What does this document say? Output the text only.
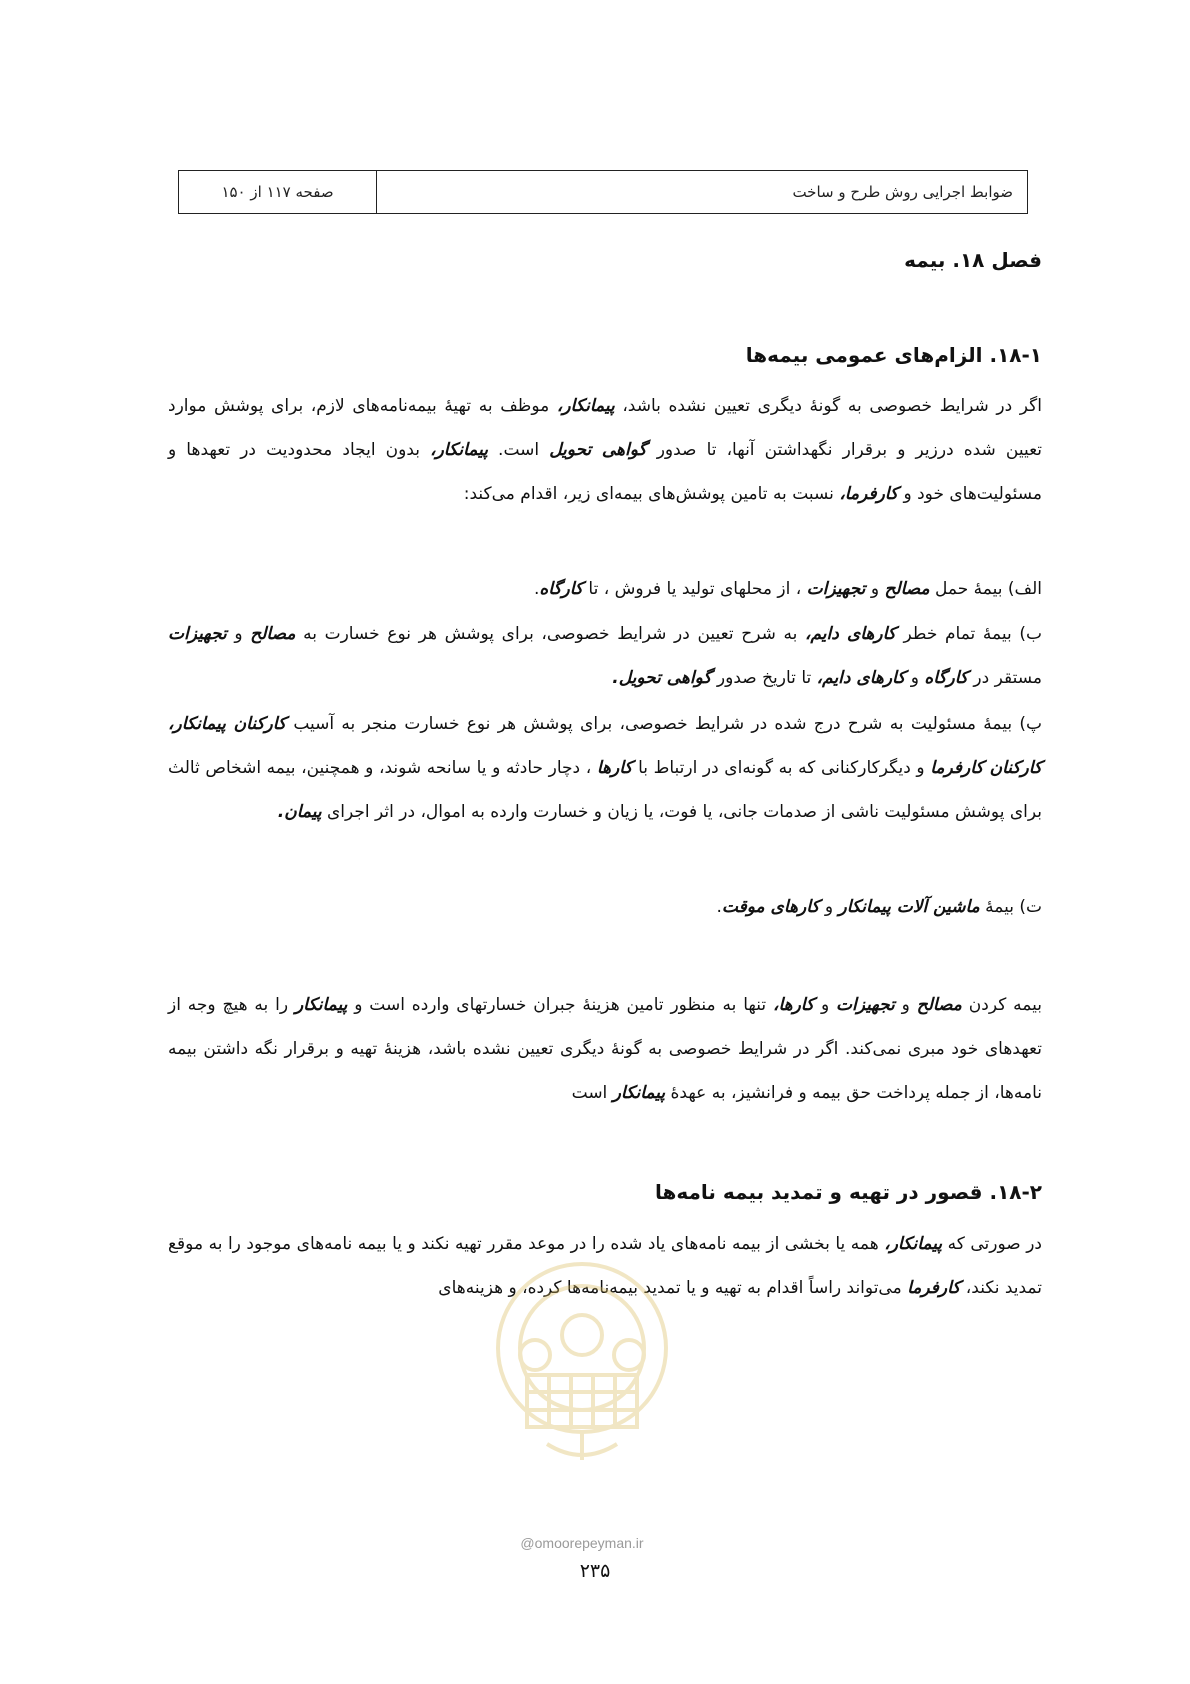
صفحه ۱۱۷ از ۱۵۰	ضوابط اجرایی روش طرح و ساخت
فصل ۱۸. بیمه
۱۸-۱. الزام‌های عمومی بیمه‌ها
اگر در شرایط خصوصی به گونهٔ دیگری تعیین نشده باشد، پیمانکار، موظف به تهیهٔ بیمه‌نامه‌های لازم، برای پوشش موارد تعیین شده درزیر و برقرار نگهداشتن آنها، تا صدور گواهی تحویل است. پیمانکار، بدون ایجاد محدودیت در تعهدها و مسئولیت‌های خود و کارفرما، نسبت به تامین پوشش‌های بیمه‌ای زیر، اقدام می‌کند:
الف) بیمهٔ حمل مصالح و تجهیزات ، از محلهای تولید یا فروش ، تا کارگاه.
ب) بیمهٔ تمام خطر کارهای دایم، به شرح تعیین در شرایط خصوصی، برای پوشش هر نوع خسارت به مصالح و تجهیزات مستقر در کارگاه و کارهای دایم، تا تاریخ صدور گواهی تحویل.
پ) بیمهٔ مسئولیت به شرح درج شده در شرایط خصوصی، برای پوشش هر نوع خسارت منجر به آسیب کارکنان پیمانکار، کارکنان کارفرما و دیگرکارکنانی که به گونه‌ای در ارتباط با کارها ، دچار حادثه و یا سانحه شوند، و همچنین، بیمه اشخاص ثالث برای پوشش مسئولیت ناشی از صدمات جانی، یا فوت، یا زیان و خسارت وارده به اموال، در اثر اجرای پیمان.
ت) بیمهٔ ماشین آلات پیمانکار و کارهای موقت.
بیمه کردن مصالح و تجهیزات و کارها، تنها به منظور تامین هزینهٔ جبران خسارتهای وارده است و پیمانکار را به هیچ وجه از تعهدهای خود مبری نمی‌کند. اگر در شرایط خصوصی به گونهٔ دیگری تعیین نشده باشد، هزینهٔ تهیه و برقرار نگه داشتن بیمه نامه‌ها، از جمله پرداخت حق بیمه و فرانشیز، به عهدهٔ پیمانکار است
۱۸-۲. قصور در تهیه و تمدید بیمه نامه‌ها
در صورتی که پیمانکار، همه یا بخشی از بیمه نامه‌های یاد شده را در موعد مقرر تهیه نکند و یا بیمه نامه‌های موجود را به موقع تمدید نکند، کارفرما می‌تواند راساً اقدام به تهیه و یا تمدید بیمه‌نامه‌ها کرده، و هزینه‌های
@omoorepeyman.ir
۲۳۵
